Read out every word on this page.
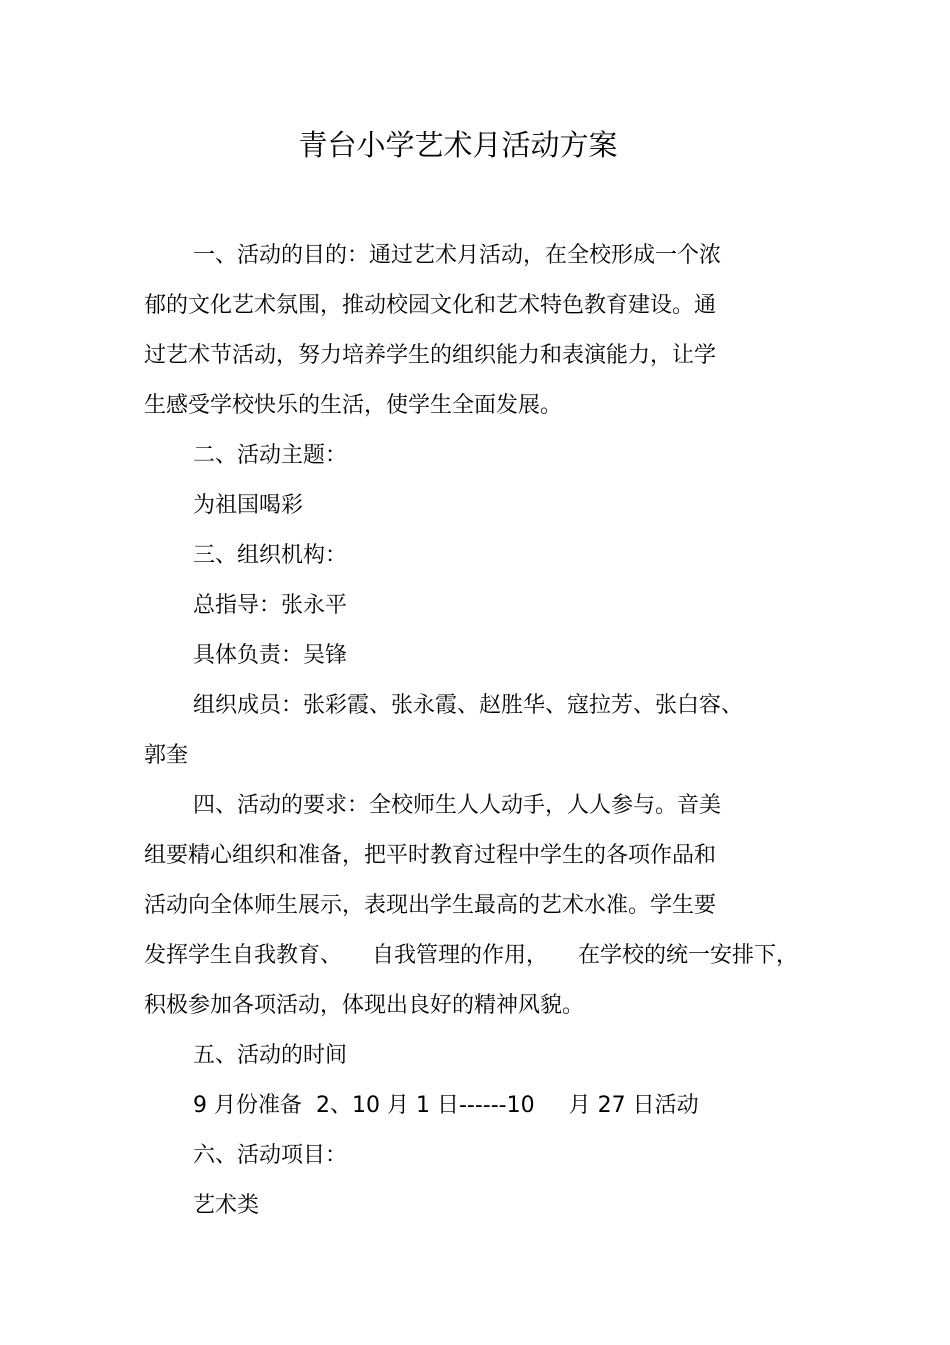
青台小学艺术月活动方案

一、活动的目的：通过艺术月活动，在全校形成一个浓

郁的文化艺术氛围，推动校园文化和艺术特色教育建设。通

过艺术节活动，努力培养学生的组织能力和表演能力，让学

生感受学校快乐的生活，使学生全面发展。

二、活动主题：

为祖国喝彩

三、组织机构：

总指导：张永平

具体负责：吴锋

组织成员：张彩霞、张永霞、赵胜华、寇拉芳、张白容、

郭奎

四、活动的要求：全校师生人人动手，人人参与。音美

组要精心组织和准备，把平时教育过程中学生的各项作品和

活动向全体师生展示，表现出学生最高的艺术水准。学生要

发挥学生自我教育、 自我管理的作用， 在学校的统一安排下，

积极参加各项活动，体现出良好的精神风貌。

五、活动的时间

9 月份准备 2、10 月 1 日------10 月 27 日活动

六、活动项目：

艺术类
